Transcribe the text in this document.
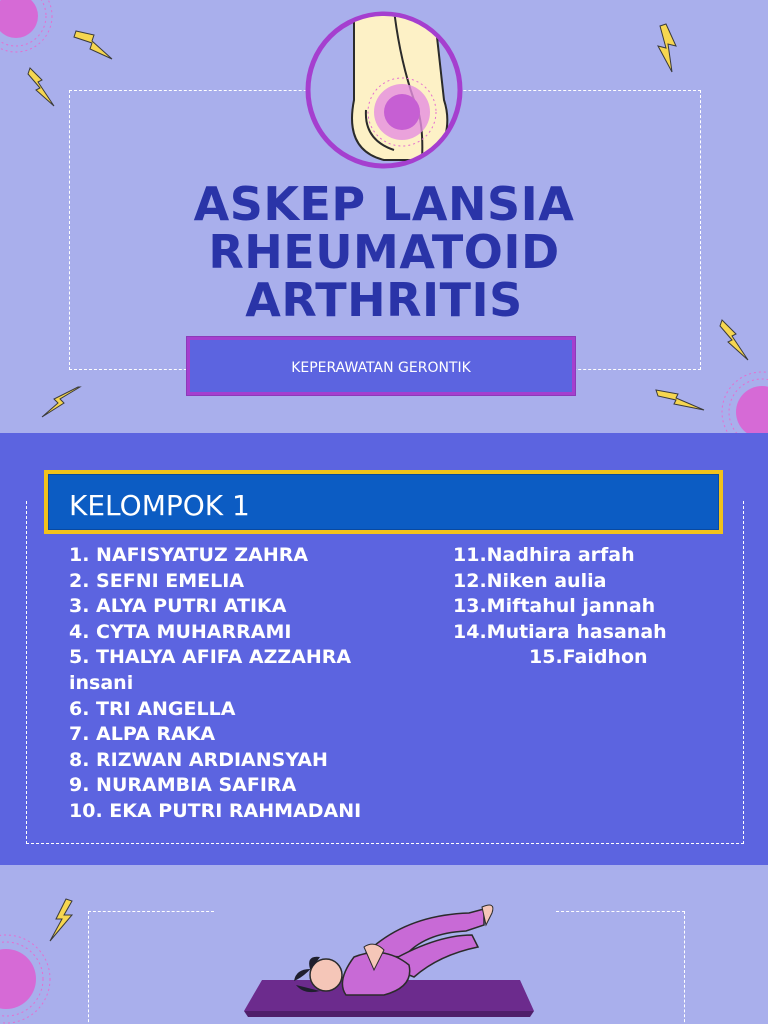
ASKEP LANSIA
RHEUMATOID
ARTHRITIS
KEPERAWATAN GERONTIK
KELOMPOK 1
1. NAFISYATUZ ZAHRA
2. SEFNI EMELIA
3. ALYA PUTRI ATIKA
4. CYTA MUHARRAMI
5. THALYA AFIFA AZZAHRA
insani
6. TRI ANGELLA
7. ALPA RAKA
8. RIZWAN ARDIANSYAH
9. NURAMBIA SAFIRA
10. EKA PUTRI RAHMADANI
11.Nadhira arfah
12.Niken aulia
13.Miftahul jannah
14.Mutiara hasanah
15.Faidhon
